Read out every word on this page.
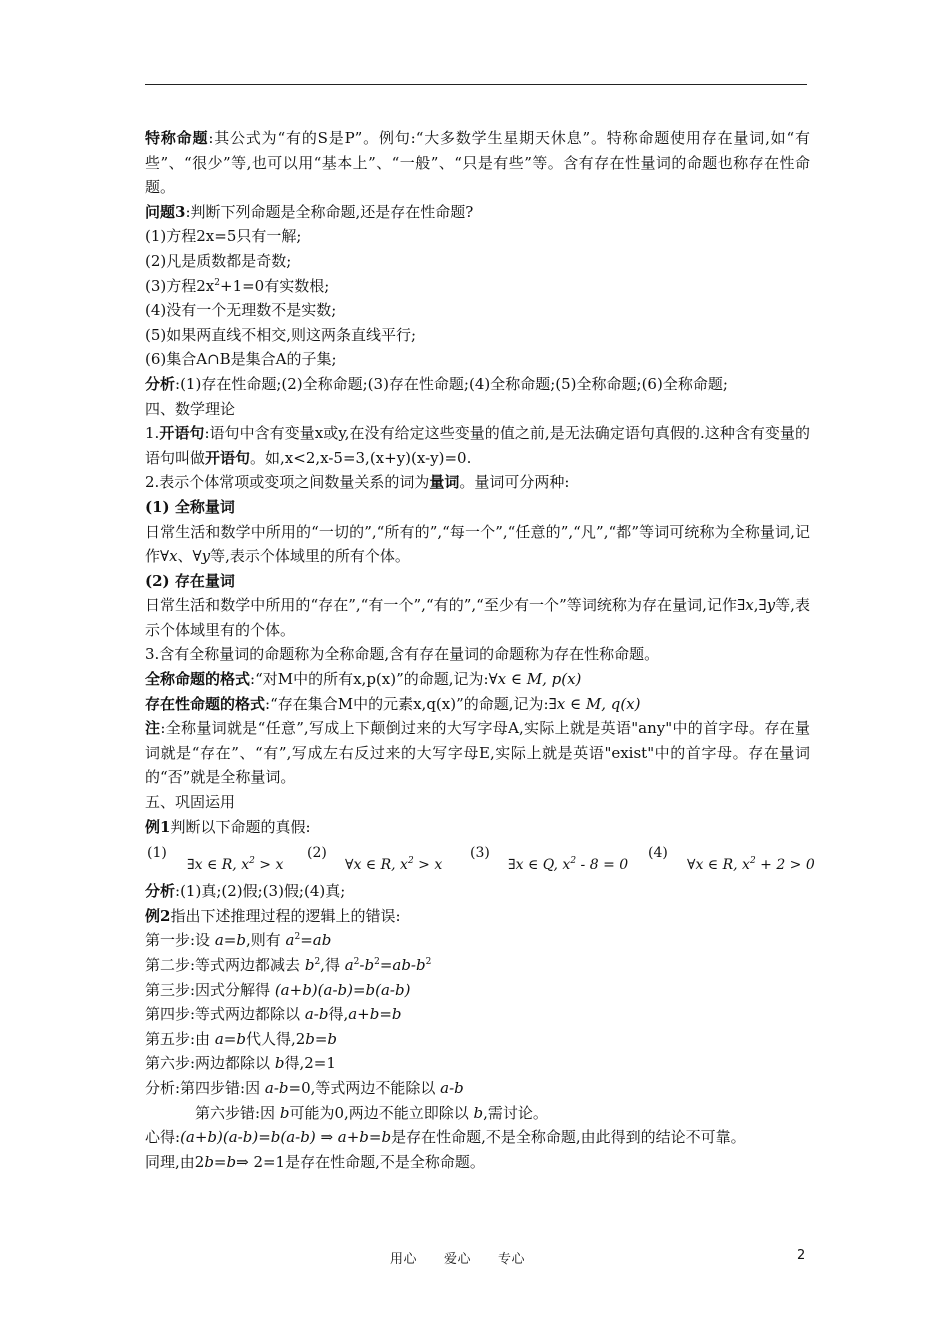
特称命题:其公式为“有的S是P”。例句:“大多数学生星期天休息”。特称命题使用存在量词,如“有些”、“很少”等,也可以用“基本上”、“一般”、“只是有些”等。含有存在性量词的命题也称存在性命题。

问题3:判断下列命题是全称命题,还是存在性命题?

(1)方程2x=5只有一解;

(2)凡是质数都是奇数;

(3)方程$2x^2+1=0$有实数根;

(4)没有一个无理数不是实数;

(5)如果两直线不相交,则这两条直线平行;

(6)集合A∩B是集合A的子集;

分析:(1)存在性命题;(2)全称命题;(3)存在性命题;(4)全称命题;(5)全称命题;(6)全称命题;

四、数学理论

1.开语句:语句中含有变量x或y,在没有给定这些变量的值之前,是无法确定语句真假的.这种含有变量的语句叫做开语句。如,x<2,x-5=3,(x+y)(x-y)=0.

2.表示个体常项或变项之间数量关系的词为量词。量词可分两种:

(1) 全称量词

日常生活和数学中所用的“一切的”,“所有的”,“每一个”,“任意的”,“凡”,“都”等词可统称为全称量词,记作∀x、∀y等,表示个体域里的所有个体。

(2) 存在量词

日常生活和数学中所用的“存在”,“有一个”,“有的”,“至少有一个”等词统称为存在量词,记作∃x,∃y等,表示个体域里有的个体。

3.含有全称量词的命题称为全称命题,含有存在量词的命题称为存在性称命题。

全称命题的格式:“对M中的所有x,p(x)”的命题,记为:∀x ∈ M, p(x)

存在性命题的格式:“存在集合M中的元素x,q(x)”的命题,记为:∃x ∈ M, q(x)

注:全称量词就是“任意”,写成上下颠倒过来的大写字母A,实际上就是英语"any"中的首字母。存在量词就是“存在”、“有”,写成左右反过来的大写字母E,实际上就是英语"exist"中的首字母。存在量词的“否”就是全称量词。

五、巩固运用

例1判断以下命题的真假:

(1)
∃x ∈ R, $x^2 > x$
(2)
∀x ∈ R, $x^2 > x$
(3)
∃x ∈ Q, $x^2 - 8 = 0$
(4)
∀x ∈ R, $x^2 + 2 > 0$

分析:(1)真;(2)假;(3)假;(4)真;

例2指出下述推理过程的逻辑上的错误:

第一步:设 a=b,则有 $a^2=ab$

第二步:等式两边都减去 $b^2$,得 $a^2-b^2=ab-b^2$

第三步:因式分解得 (a+b)(a-b)=b(a-b)

第四步:等式两边都除以 a-b得,a+b=b

第五步:由 a=b代人得,2b=b

第六步:两边都除以 b得,2=1

分析:第四步错:因 a-b=0,等式两边不能除以 a-b

第六步错:因 b可能为0,两边不能立即除以 b,需讨论。

心得:(a+b)(a-b)=b(a-b) ⇒ a+b=b是存在性命题,不是全称命题,由此得到的结论不可靠。

同理,由2b=b⇒ 2=1是存在性命题,不是全称命题。

用心　　爱心　　专心	2
